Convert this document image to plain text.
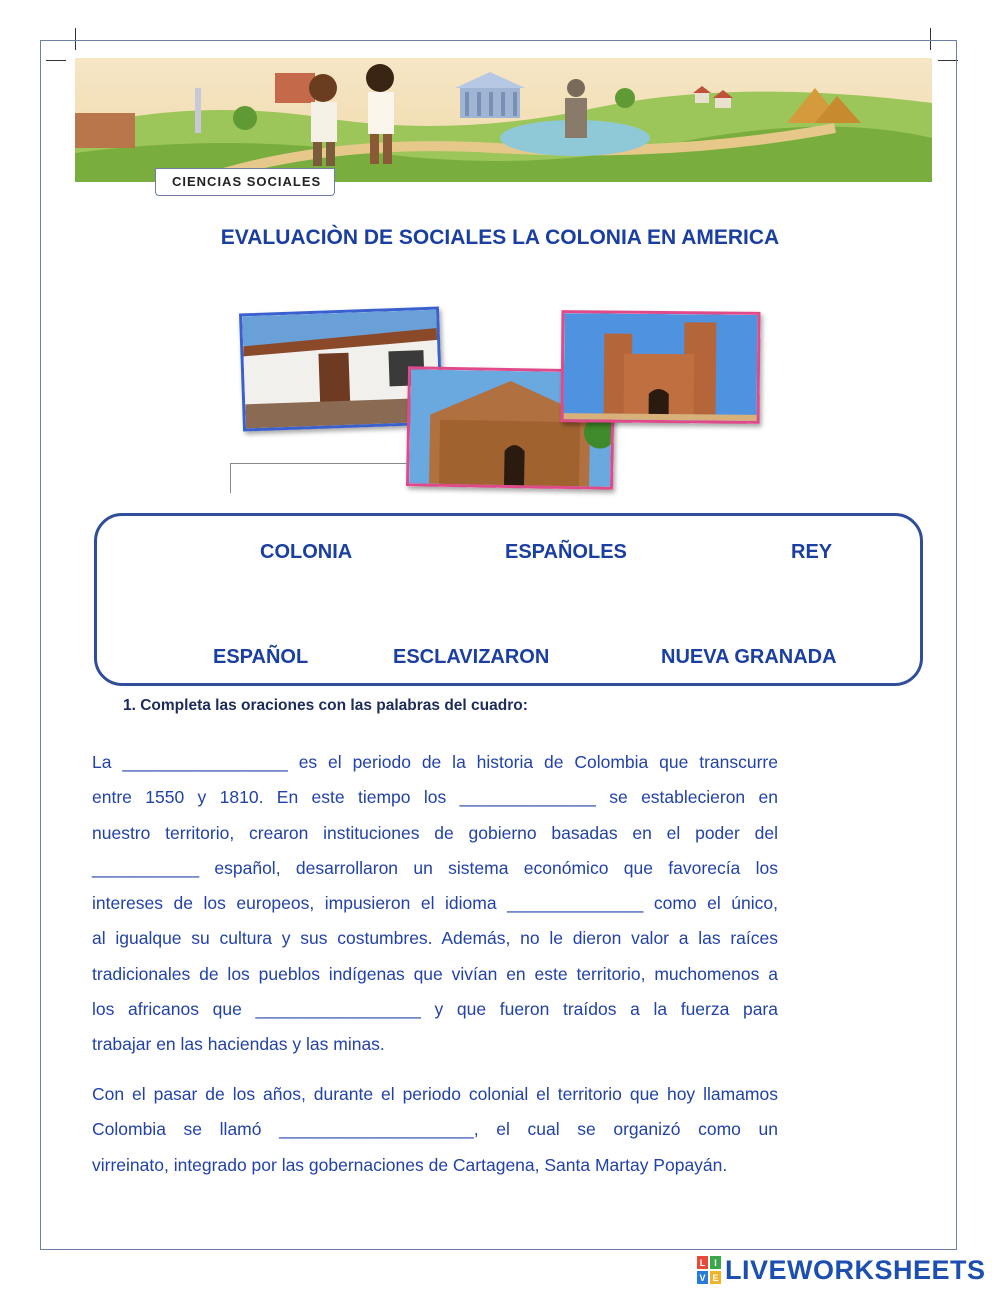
CIENCIAS SOCIALES
EVALUACIÒN DE SOCIALES LA COLONIA EN AMERICA
COLONIA	ESPAÑOLES	REY
ESPAÑOL	ESCLAVIZARON	NUEVA GRANADA
1. Completa las oraciones con las palabras del cuadro:
La _________________ es el periodo de la historia de Colombia que transcurre
entre 1550 y 1810. En este tiempo los ______________ se establecieron en
nuestro territorio, crearon instituciones de gobierno basadas en el poder del
___________ español, desarrollaron un sistema económico que favorecía los
intereses de los europeos, impusieron el idioma ______________ como el único,
al igualque su cultura y sus costumbres. Además, no le dieron valor a las raíces
tradicionales de los pueblos indígenas que vivían en este territorio, muchomenos a
los africanos que _________________ y que fueron traídos a la fuerza para
trabajar en las haciendas y las minas.
Con el pasar de los años, durante el periodo colonial el territorio que hoy llamamos
Colombia se llamó ____________________, el cual se organizó como un
virreinato, integrado por las gobernaciones de Cartagena, Santa Martay Popayán.
L I
V E LIVEWORKSHEETS
